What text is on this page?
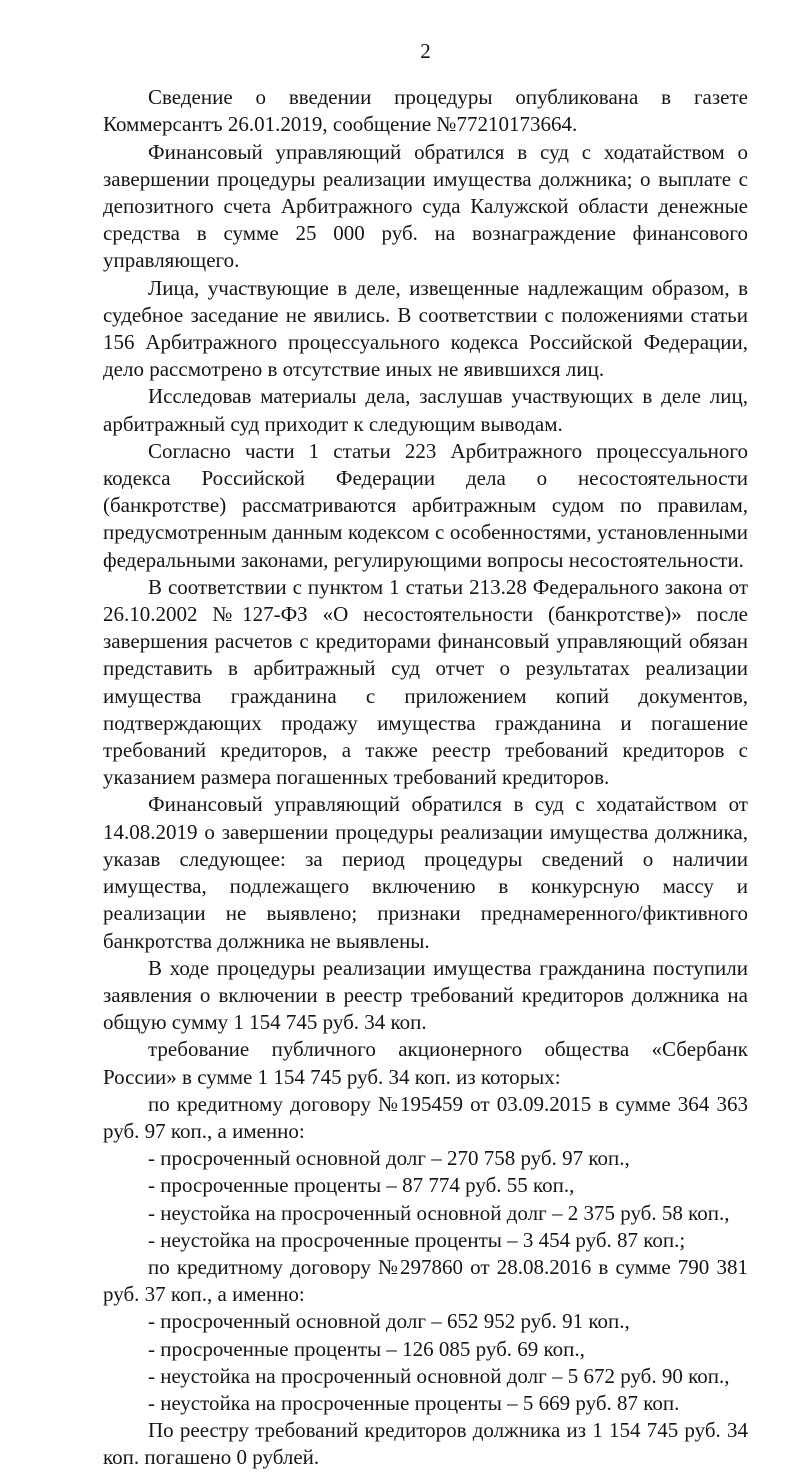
2

Сведение о введении процедуры опубликована в газете Коммерсантъ 26.01.2019, сообщение №77210173664.

Финансовый управляющий обратился в суд с ходатайством о завершении процедуры реализации имущества должника; о выплате с депозитного счета Арбитражного суда Калужской области денежные средства в сумме 25 000 руб. на вознаграждение финансового управляющего.

Лица, участвующие в деле, извещенные надлежащим образом, в судебное заседание не явились. В соответствии с положениями статьи 156 Арбитражного процессуального кодекса Российской Федерации, дело рассмотрено в отсутствие иных не явившихся лиц.

Исследовав материалы дела, заслушав участвующих в деле лиц, арбитражный суд приходит к следующим выводам.

Согласно части 1 статьи 223 Арбитражного процессуального кодекса Российской Федерации дела о несостоятельности (банкротстве) рассматриваются арбитражным судом по правилам, предусмотренным данным кодексом с особенностями, установленными федеральными законами, регулирующими вопросы несостоятельности.

В соответствии с пунктом 1 статьи 213.28 Федерального закона от 26.10.2002 №127-ФЗ «О несостоятельности (банкротстве)» после завершения расчетов с кредиторами финансовый управляющий обязан представить в арбитражный суд отчет о результатах реализации имущества гражданина с приложением копий документов, подтверждающих продажу имущества гражданина и погашение требований кредиторов, а также реестр требований кредиторов с указанием размера погашенных требований кредиторов.

Финансовый управляющий обратился в суд с ходатайством от 14.08.2019 о завершении процедуры реализации имущества должника, указав следующее: за период процедуры сведений о наличии имущества, подлежащего включению в конкурсную массу и реализации не выявлено; признаки преднамеренного/фиктивного банкротства должника не выявлены.

В ходе процедуры реализации имущества гражданина поступили заявления о включении в реестр требований кредиторов должника на общую сумму 1 154 745 руб. 34 коп.

требование публичного акционерного общества «Сбербанк России» в сумме 1 154 745 руб. 34 коп. из которых:

по кредитному договору №195459 от 03.09.2015 в сумме 364 363 руб. 97 коп., а именно:

- просроченный основной долг – 270 758 руб. 97 коп.,

- просроченные проценты – 87 774 руб. 55 коп.,

- неустойка на просроченный основной долг – 2 375 руб. 58 коп.,

- неустойка на просроченные проценты – 3 454 руб. 87 коп.;

по кредитному договору №297860 от 28.08.2016 в сумме 790 381 руб. 37 коп., а именно:

- просроченный основной долг – 652 952 руб. 91 коп.,

- просроченные проценты – 126 085 руб. 69 коп.,

- неустойка на просроченный основной долг – 5 672 руб. 90 коп.,

- неустойка на просроченные проценты – 5 669 руб. 87 коп.

По реестру требований кредиторов должника из 1 154 745 руб. 34 коп. погашено 0 рублей.
